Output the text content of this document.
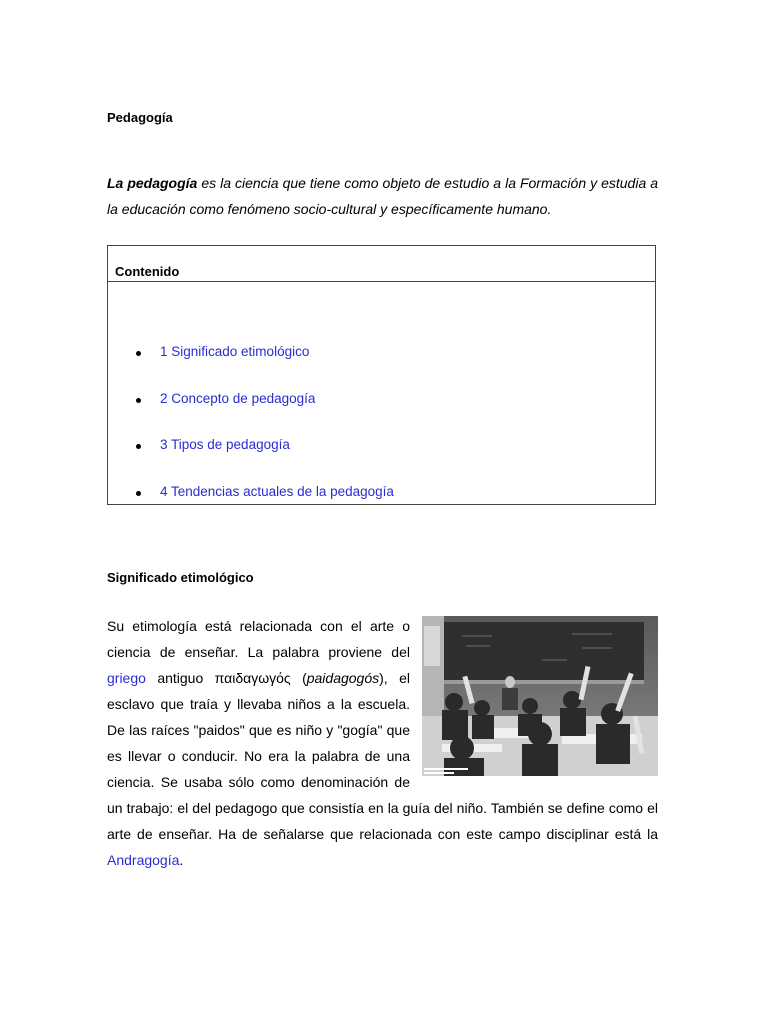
Pedagogía

La pedagogía es la ciencia que tiene como objeto de estudio a la Formación y estudia a la educación como fenómeno socio-cultural y específicamente humano.

Contenido
1 Significado etimológico
2 Concepto de pedagogía
3 Tipos de pedagogía
4 Tendencias actuales de la pedagogía

Significado etimológico

Su etimología está relacionada con el arte o ciencia de enseñar. La palabra proviene del griego antiguo παιδαγωγός (paidagogós), el esclavo que traía y llevaba niños a la escuela. De las raíces "paidos" que es niño y "gogía" que es llevar o conducir. No era la palabra de una ciencia. Se usaba sólo como denominación de un trabajo: el del pedagogo que consistía en la guía del niño. También se define como el arte de enseñar. Ha de señalarse que relacionada con este campo disciplinar está la Andragogía.
